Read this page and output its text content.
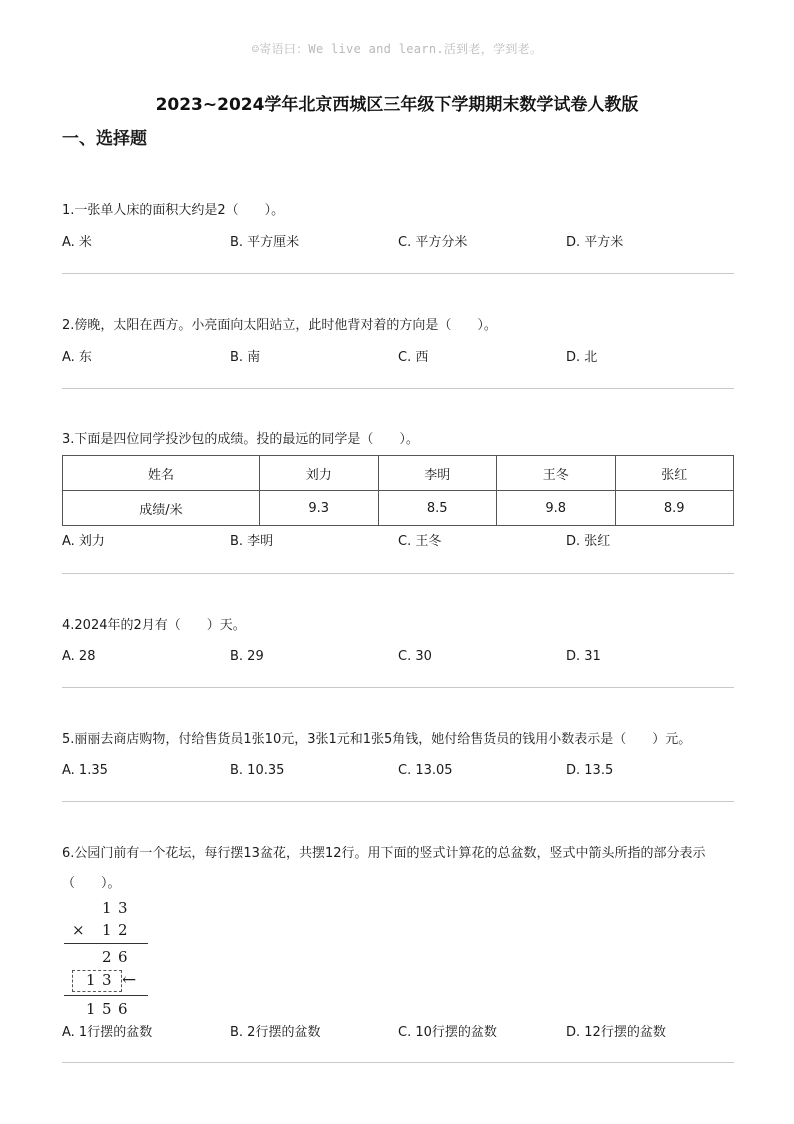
☺寄语曰：We live and learn.活到老，学到老。
2023~2024学年北京西城区三年级下学期期末数学试卷人教版
一、选择题
1.一张单人床的面积大约是2（　　）。
A. 米	B. 平方厘米	C. 平方分米	D. 平方米
2.傍晚，太阳在西方。小亮面向太阳站立，此时他背对着的方向是（　　）。
A. 东	B. 南	C. 西	D. 北
3.下面是四位同学投沙包的成绩。投的最远的同学是（　　）。
姓名	刘力	李明	王冬	张红
成绩/米	9.3	8.5	9.8	8.9
A. 刘力	B. 李明	C. 王冬	D. 张红
4.2024年的2月有（　　）天。
A. 28	B. 29	C. 30	D. 31
5.丽丽去商店购物，付给售货员1张10元，3张1元和1张5角钱，她付给售货员的钱用小数表示是（　　）元。
A. 1.35	B. 10.35	C. 13.05	D. 13.5
6.公园门前有一个花坛，每行摆13盆花，共摆12行。用下面的竖式计算花的总盆数，竖式中箭头所指的部分表示（　　）。
1 3
× 1 2
2 6
1 3 ←
1 5 6
A. 1行摆的盆数	B. 2行摆的盆数	C. 10行摆的盆数	D. 12行摆的盆数
